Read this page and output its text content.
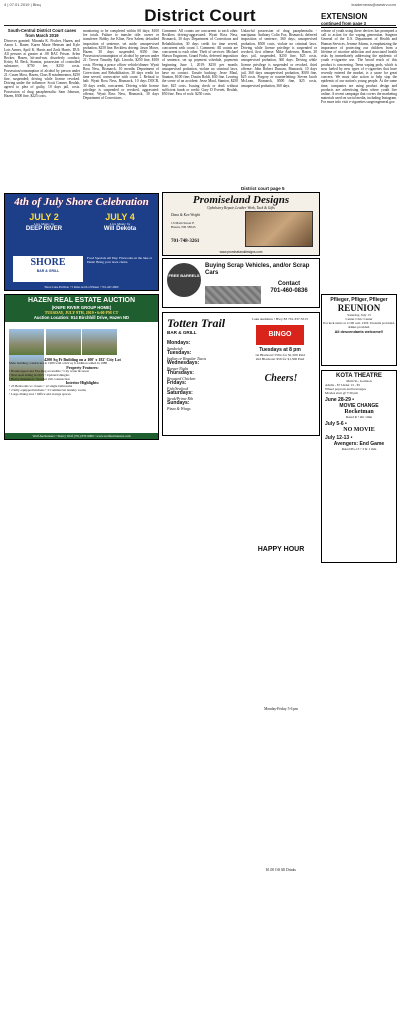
4 | 07.01.2019 | Bisq
District Court
leadernews@westrv.com
South-Central District Court cases from March 2019

Divorces granted: Miranda K. Fischer, Hazen, and Aaron L. Bauer; Karen Marie Heinsen and Kyle Lois Armes, April K. Harris and Zack Harris. DUI: All persons at greater at .08 BAC Prison. Arlen Becker, Hazen, hit-and-run, disorderly conduct; Kristy M. Beck, Stanton, possession of controlled substance; $750 fee; $250 costs. Possession/consumption of alcohol by person under 21: Casen Moss, Hazen, Class B misdemeanor, $250 fine, suspended; driving while license revoked. Driving under the influence: Scott Conner, Beulah, agreed to plea of guilty, 10 days jail, costs. Possession of drug paraphernalia: Sam Johnson, Hazen, $300 fine, $225 costs.

monitoring to be completed within 60 days; $100 fee totals. Failure to transfer title: owner or transferee: Bobby Joe Kline, New Salem; defaulted imposition of sentence, set aside; unsupervised probation, $250 fine. Reckless driving: Jason Moser, Hazen, 30 days suspended, $350 fine. Possession/consumption of alcohol by person under 21: Trevor Timothy Egli, Lincoln, $250 fine, $100 costs. Fleeing a peace officer vehicle/dinner: Wyatt Ross Ness, Bismarck, 10 months Department of Corrections and Rehabilitation, 30 days credit for time served, consecutive with count 1. Refusal to halt: Wyatt Ross Ness, Bismarck, 10 days DOCR, 30 days credit, concurrent. Driving while license privilege is suspended or revoked, aggravated: offense, Wyatt Ross Ness, Bismarck, 30 days Department of Corrections.

Comment: All counts are concurrent to each other. Reckless driving-aggravated: Wyatt Ross Ness, Bismarck, 30 days Department of Corrections and Rehabilitation, 30 days credit for time served, concurrent with count 1. Comment: All counts are concurrent to each other. Theft of services: Michael Shawn Engstrom, Grand Forks, deferred imposition of sentence, set up payment schedule, payments beginning June 1, 2019: $250 per month; unsupervised probation, violate no criminal laws, have no contact. Unsafe backing: Jesse Maul, Stanton, $100 fine; Dustin Boldt, $30 fine. Leaving the scene of an accident: Jesse Maul, Stanton, $250 fine, $25 costs. Issuing check or draft without sufficient funds or credit: Gary D Everett, Beulah, $50 fine. Pass of rock: $250 costs.

Unlawful possession of drug paraphernalia - marijuana: Anthony Colin Fox, Bismarck; deferred imposition of sentence, 360 days, unsupervised probation, $500 costs, violate no criminal laws. Driving while license privilege is suspended or revoked, first offense: Mike Anderson, Hazen, 30 days jail, suspended, $250 fine, $25 costs, unsupervised probation, 360 days. Driving while license privilege is suspended or revoked, third offense: John Robert Duncan, Bismarck, 10 days jail, 360 days unsupervised probation, $500 fine, $25 costs. Forgery or counterfeiting: Steven Jacob McLean, Bismarck, $500 fine, $25 costs, unsupervised probation, 360 days.

District court page 5
EXTENSION
continued from page 3

release of youth using these devices has prompted a call to action for the vaping generation. Surgeon General of the U.S. Department of Health and Human Services, Jerome Adams, is emphasizing the importance of protecting our children from a lifetime of nicotine addiction and associated health risks by immediately addressing the epidemic of youth e-cigarette use. The broad reach of this product is concerning. Teens vaping pods, which is now fueled by new types of e-cigarettes that have recently entered the market, is a cause for great concern. We must take action to help stop the epidemic of our nation's young people. At the same time, companies are using product design and products are advertising them where youth live online. A recent campaign that covers the marketing materials used on social media, including Instagram. For more info visit e-cigarettes.surgeongeneral.gov.

4th of July Shore Celebration
JULY 2
Live Music by
DEEP RIVER
JULY 4
Live Music by
Will Dekota
SHORE
BAR & GRILL
Food Specials All Day. Fireworks on the lake at Dusk! Bring your lawn chairs.
Shore Lake Pavilion • 5 miles north of Hazen • 701-447-2600
HAZEN REAL ESTATE AUCTION
(KNIFE RIVER GROUP HOME)
TUESDAY, JULY 9TH, 2019 • 6:00 PM CT
Auction Location: 914 Birchhill Drive, Hazen ND
4200 Sq Ft Building on a 100' x 182' City Lot
Main building constructed in 1980 with a 622 sq ft addition added in 1988
Property Features:
• Handicapped and Fire-Reg accessible • City water & sewer
• New steel siding in 2015 • Updated shingles
• Heavy Insulation • Sturdier 2x6 construction
Interior Highlights:
• 23 Bedrooms w/ closets • 12 single bathrooms
• 2 fully equipped kitchens • 3 Commercial laundry rooms
• Large dining area • Office and storage spaces
Wolf Auctioneers • Sherry Wolf (701) 870-9090 • www.wolfauctioneers.com
Promiseland Designs
Upholstery Repair, Leather Work, Tack & Gifts
Dana & Ken Wright
1S Main Street E
Hazen, ND 58545
701-748-3261
www.promiselanddesigns.com
FREE BARRELS
Buying Scrap Vehicles, and/or Scrap Cars
Contact
701-460-0836
Totten Trail
BAR & GRILL
Mondays:
Sandwich
Tuesdays:
Indian or Regular Tacos
Wednesdays:
Burger Night
Thursdays:
Broasted Chicken
Fridays:
Fish/Seafood
Saturdays:
Steak/Prime Rib
Sundays:
Pizza & Wings
Lake Audubon • Hwy 83 701-337-5513
BINGO
Tuesdays at 8 pm
1st Blackout: 55No for $1,500 Paid
2nd Blackout: $59 for $1,500 Paid
Cheers!
HAPPY HOUR
Monday-Friday 5-6 pm
$1.00 Off All Drinks
Pflieger, Pfliger, Pflieger
REUNION
Saturday, July 13
Center Civic Center
Pot luck starts at 11:00 a.m. CDT. Utensils provided, drinks provided.
All descendants welcome!!
KOTA THEATRE
Main St., Garrison
Adults - $7 Under 13 - $5
Wheel popcorn and beverages
Movies start @ 7:30 pm
June 28-29 •
MOVIE CHANGE
Rocketman
Rated R • 2hr 1min
July 5-6 •
NO MOVIE
July 12-13 •
Avengers: End Game
Rated PG-13 • 3 hr 1 min
